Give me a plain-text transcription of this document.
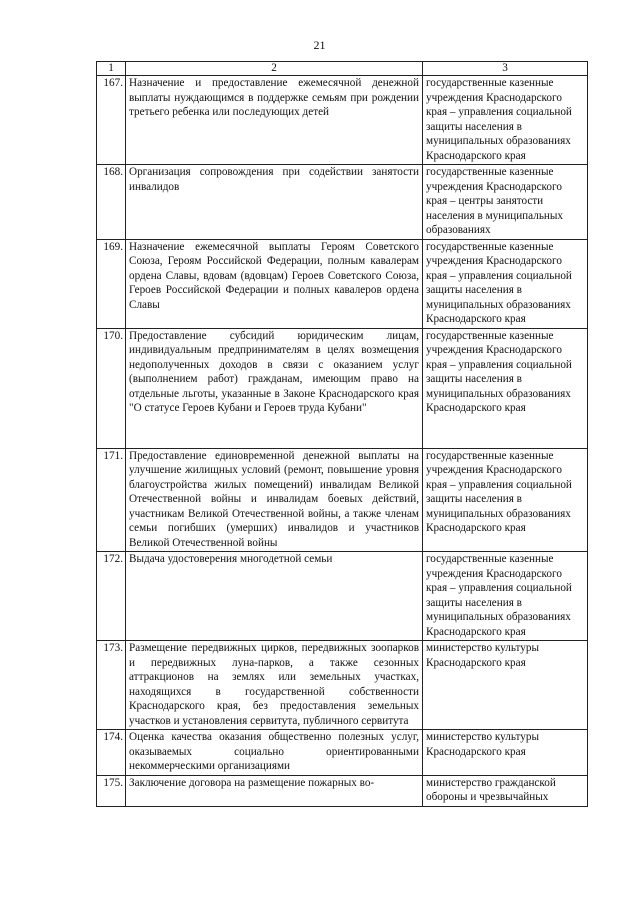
21
1	2	3
167.	Назначение и предоставление ежемесячной денежной выплаты нуждающимся в поддержке семьям при рождении третьего ребенка или последующих детей	государственные казенные учреждения Краснодарского края – управления социальной защиты населения в муниципальных образованиях Краснодарского края
168.	Организация сопровождения при содействии занятости инвалидов	государственные казенные учреждения Краснодарского края – центры занятости населения в муниципальных образованиях
169.	Назначение ежемесячной выплаты Героям Советского Союза, Героям Российской Федерации, полным кавалерам ордена Славы, вдовам (вдовцам) Героев Советского Союза, Героев Российской Федерации и полных кавалеров ордена Славы	государственные казенные учреждения Краснодарского края – управления социальной защиты населения в муниципальных образованиях Краснодарского края
170.	Предоставление субсидий юридическим лицам, индивидуальным предпринимателям в целях возмещения недополученных доходов в связи с оказанием услуг (выполнением работ) гражданам, имеющим право на отдельные льготы, указанные в Законе Краснодарского края "О статусе Героев Кубани и Героев труда Кубани"	государственные казенные учреждения Краснодарского края – управления социальной защиты населения в муниципальных образованиях Краснодарского края
171.	Предоставление единовременной денежной выплаты на улучшение жилищных условий (ремонт, повышение уровня благоустройства жилых помещений) инвалидам Великой Отечественной войны и инвалидам боевых действий, участникам Великой Отечественной войны, а также членам семьи погибших (умерших) инвалидов и участников Великой Отечественной войны	государственные казенные учреждения Краснодарского края – управления социальной защиты населения в муниципальных образованиях Краснодарского края
172.	Выдача удостоверения многодетной семьи	государственные казенные учреждения Краснодарского края – управления социальной защиты населения в муниципальных образованиях Краснодарского края
173.	Размещение передвижных цирков, передвижных зоопарков и передвижных луна-парков, а также сезонных аттракционов на землях или земельных участках, находящихся в государственной собственности Краснодарского края, без предоставления земельных участков и установления сервитута, публичного сервитута	министерство культуры Краснодарского края
174.	Оценка качества оказания общественно полезных услуг, оказываемых социально ориентированными некоммерческими организациями	министерство культуры Краснодарского края
175.	Заключение договора на размещение пожарных во-	министерство гражданской обороны и чрезвычайных
